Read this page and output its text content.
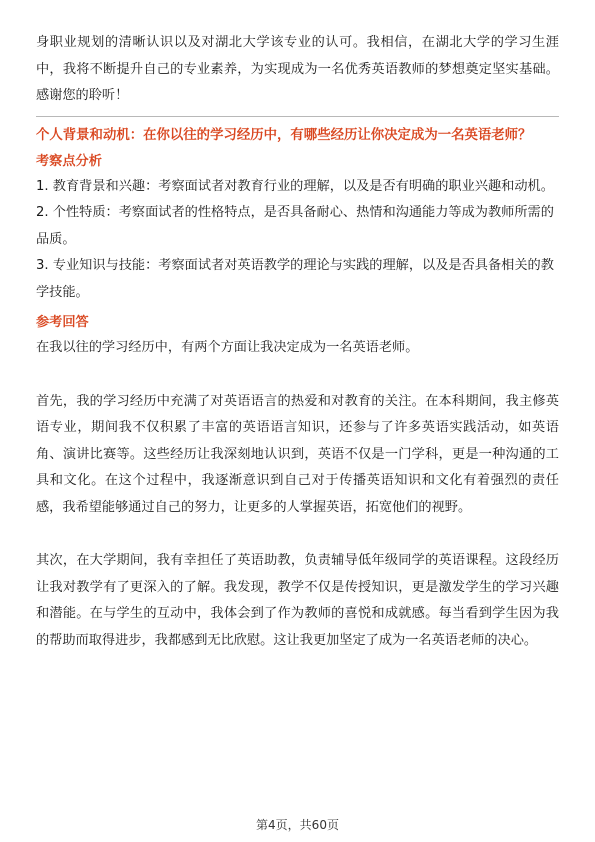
身职业规划的清晰认识以及对湖北大学该专业的认可。我相信，在湖北大学的学习生涯中，我将不断提升自己的专业素养，为实现成为一名优秀英语教师的梦想奠定坚实基础。感谢您的聆听！

个人背景和动机：在你以往的学习经历中，有哪些经历让你决定成为一名英语老师？

考察点分析

1. 教育背景和兴趣：考察面试者对教育行业的理解，以及是否有明确的职业兴趣和动机。

2. 个性特质：考察面试者的性格特点，是否具备耐心、热情和沟通能力等成为教师所需的品质。

3. 专业知识与技能：考察面试者对英语教学的理论与实践的理解，以及是否具备相关的教学技能。

参考回答

在我以往的学习经历中，有两个方面让我决定成为一名英语老师。

首先，我的学习经历中充满了对英语语言的热爱和对教育的关注。在本科期间，我主修英语专业，期间我不仅积累了丰富的英语语言知识，还参与了许多英语实践活动，如英语角、演讲比赛等。这些经历让我深刻地认识到，英语不仅是一门学科，更是一种沟通的工具和文化。在这个过程中，我逐渐意识到自己对于传播英语知识和文化有着强烈的责任感，我希望能够通过自己的努力，让更多的人掌握英语，拓宽他们的视野。

其次，在大学期间，我有幸担任了英语助教，负责辅导低年级同学的英语课程。这段经历让我对教学有了更深入的了解。我发现，教学不仅是传授知识，更是激发学生的学习兴趣和潜能。在与学生的互动中，我体会到了作为教师的喜悦和成就感。每当看到学生因为我的帮助而取得进步，我都感到无比欣慰。这让我更加坚定了成为一名英语老师的决心。

第4页，共60页
